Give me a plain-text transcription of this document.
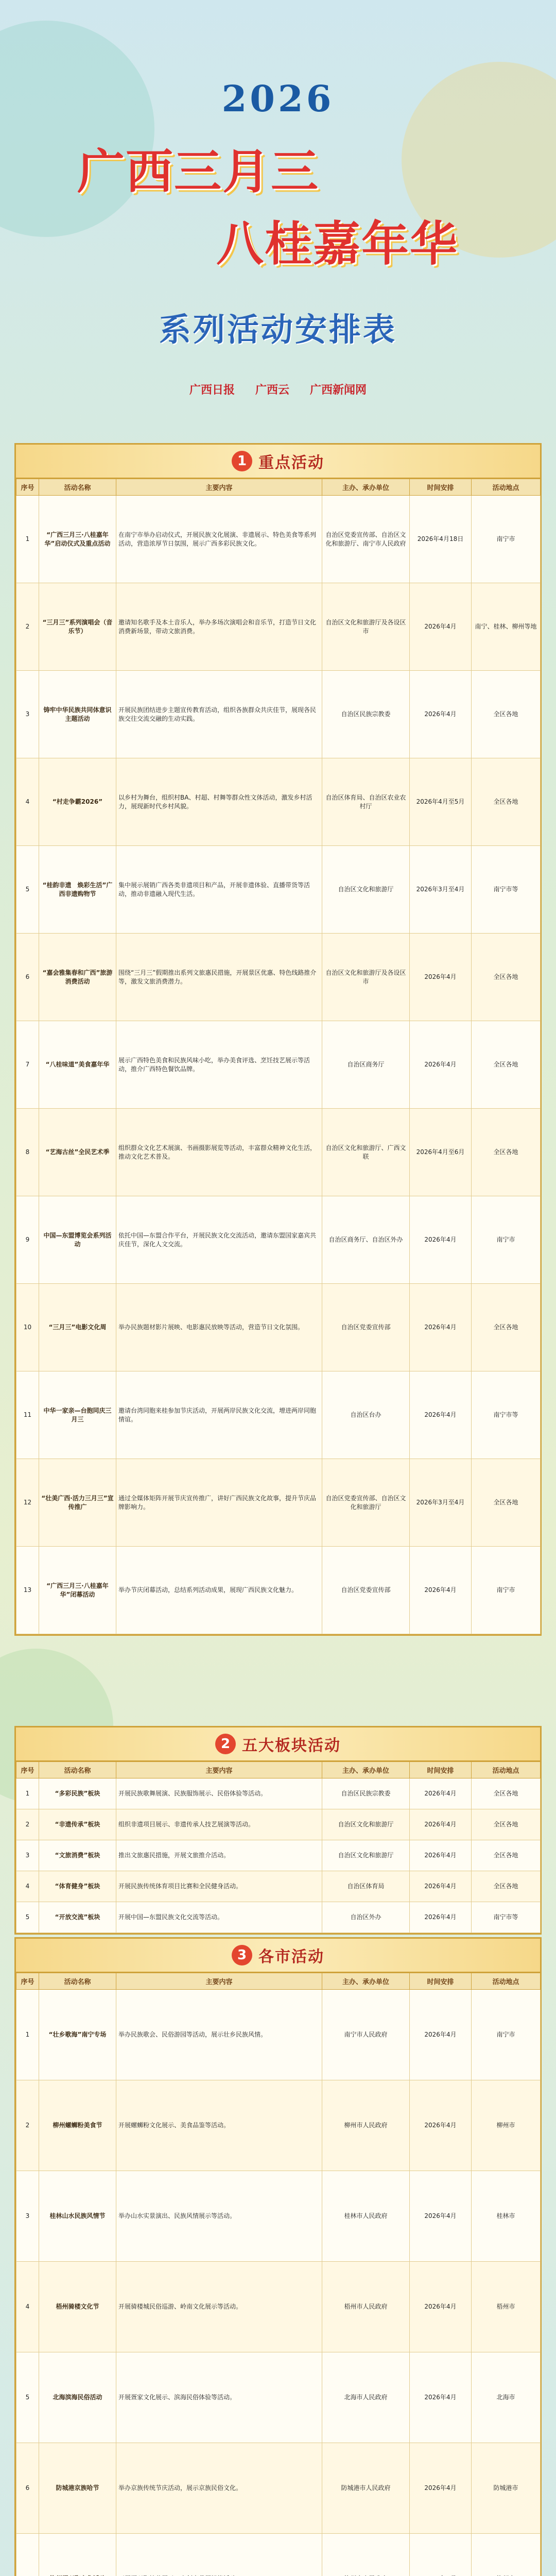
2026
广西三月三
八桂嘉年华
系列活动安排表
广西日报 广西云 广西新闻网
1 重点活动
序号	活动名称	主要内容	主办、承办单位	时间安排	活动地点
1	“广西三月三·八桂嘉年华”启动仪式及重点活动	在南宁市举办启动仪式，开展民族文化展演、非遗展示、特色美食等系列活动，营造浓厚节日氛围，展示广西多彩民族文化。	自治区党委宣传部、自治区文化和旅游厅、南宁市人民政府	2026年4月18日	南宁市
2	“三月三”系列演唱会（音乐节）	邀请知名歌手及本土音乐人，举办多场次演唱会和音乐节，打造节日文化消费新场景，带动文旅消费。	自治区文化和旅游厅及各设区市	2026年4月	南宁、桂林、柳州等地
3	铸牢中华民族共同体意识主题活动	开展民族团结进步主题宣传教育活动，组织各族群众共庆佳节，展现各民族交往交流交融的生动实践。	自治区民族宗教委	2026年4月	全区各地
4	“村走争霸2026”	以乡村为舞台，组织村BA、村超、村舞等群众性文体活动，激发乡村活力，展现新时代乡村风貌。	自治区体育局、自治区农业农村厅	2026年4月至5月	全区各地
5	“桂韵非遗　焕彩生活”广西非遗购物节	集中展示展销广西各类非遗项目和产品，开展非遗体验、直播带货等活动，推动非遗融入现代生活。	自治区文化和旅游厅	2026年3月至4月	南宁市等
6	“嘉会雅集春和广西”旅游消费活动	围绕“三月三”假期推出系列文旅惠民措施，开展景区优惠、特色线路推介等，激发文旅消费潜力。	自治区文化和旅游厅及各设区市	2026年4月	全区各地
7	“八桂味道”美食嘉年华	展示广西特色美食和民族风味小吃，举办美食评选、烹饪技艺展示等活动，推介广西特色餐饮品牌。	自治区商务厅	2026年4月	全区各地
8	“艺海古丝”全民艺术季	组织群众文化艺术展演、书画摄影展览等活动，丰富群众精神文化生活，推动文化艺术普及。	自治区文化和旅游厅、广西文联	2026年4月至6月	全区各地
9	中国—东盟博览会系列活动	依托中国—东盟合作平台，开展民族文化交流活动，邀请东盟国家嘉宾共庆佳节，深化人文交流。	自治区商务厅、自治区外办	2026年4月	南宁市
10	“三月三”电影文化周	举办民族题材影片展映、电影惠民放映等活动，营造节日文化氛围。	自治区党委宣传部	2026年4月	全区各地
11	中华一家亲—台胞同庆三月三	邀请台湾同胞来桂参加节庆活动，开展两岸民族文化交流，增进两岸同胞情谊。	自治区台办	2026年4月	南宁市等
12	“壮美广西·活力三月三”宣传推广	通过全媒体矩阵开展节庆宣传推广，讲好广西民族文化故事，提升节庆品牌影响力。	自治区党委宣传部、自治区文化和旅游厅	2026年3月至4月	全区各地
13	“广西三月三·八桂嘉年华”闭幕活动	举办节庆闭幕活动，总结系列活动成果，展现广西民族文化魅力。	自治区党委宣传部	2026年4月	南宁市
2 五大板块活动
序号	活动名称	主要内容	主办、承办单位	时间安排	活动地点
1	“多彩民族”板块	开展民族歌舞展演、民族服饰展示、民俗体验等活动。	自治区民族宗教委	2026年4月	全区各地
2	“非遗传承”板块	组织非遗项目展示、非遗传承人技艺展演等活动。	自治区文化和旅游厅	2026年4月	全区各地
3	“文旅消费”板块	推出文旅惠民措施，开展文旅推介活动。	自治区文化和旅游厅	2026年4月	全区各地
4	“体育健身”板块	开展民族传统体育项目比赛和全民健身活动。	自治区体育局	2026年4月	全区各地
5	“开放交流”板块	开展中国—东盟民族文化交流等活动。	自治区外办	2026年4月	南宁市等
3 各市活动
序号	活动名称	主要内容	主办、承办单位	时间安排	活动地点
1	“壮乡歌海”南宁专场	举办民族歌会、民俗游园等活动，展示壮乡民族风情。	南宁市人民政府	2026年4月	南宁市
2	柳州螺蛳粉美食节	开展螺蛳粉文化展示、美食品鉴等活动。	柳州市人民政府	2026年4月	柳州市
3	桂林山水民族风情节	举办山水实景演出、民族风情展示等活动。	桂林市人民政府	2026年4月	桂林市
4	梧州骑楼文化节	开展骑楼城民俗巡游、岭南文化展示等活动。	梧州市人民政府	2026年4月	梧州市
5	北海滨海民俗活动	开展疍家文化展示、滨海民俗体验等活动。	北海市人民政府	2026年4月	北海市
6	防城港京族哈节	举办京族传统节庆活动，展示京族民俗文化。	防城港市人民政府	2026年4月	防城港市
